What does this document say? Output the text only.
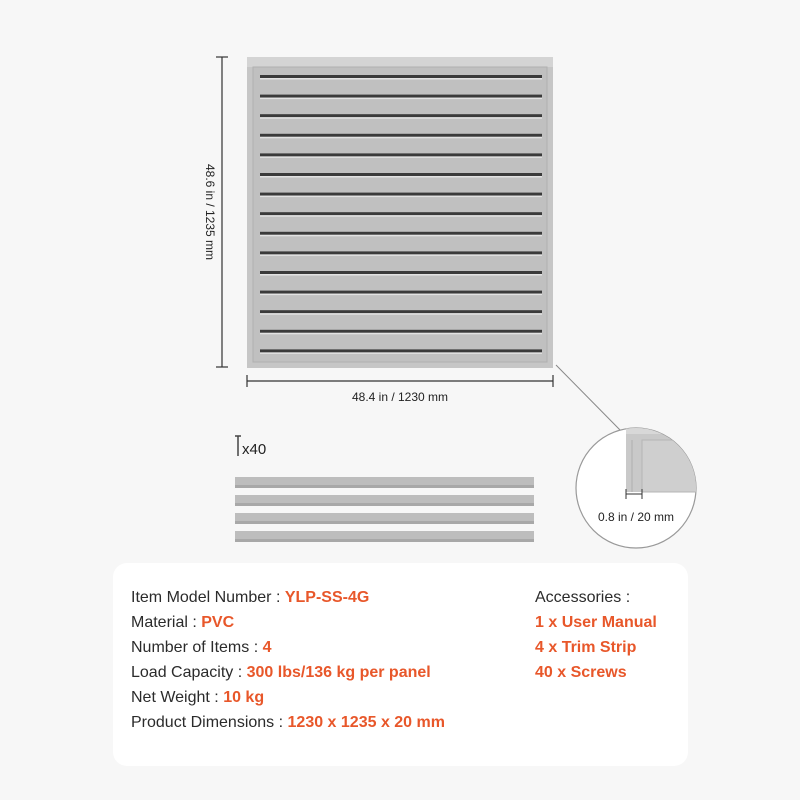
48.4 in / 1230 mm
0.8 in / 20 mm
x40
48.6 in / 1235 mm
Item Model Number : YLP-SS-4G
Material : PVC
Number of Items : 4
Load Capacity : 300 lbs/136 kg per panel
Net Weight : 10 kg
Product Dimensions : 1230 x 1235 x 20 mm
Accessories :
1 x User Manual
4 x Trim Strip
40 x Screws
